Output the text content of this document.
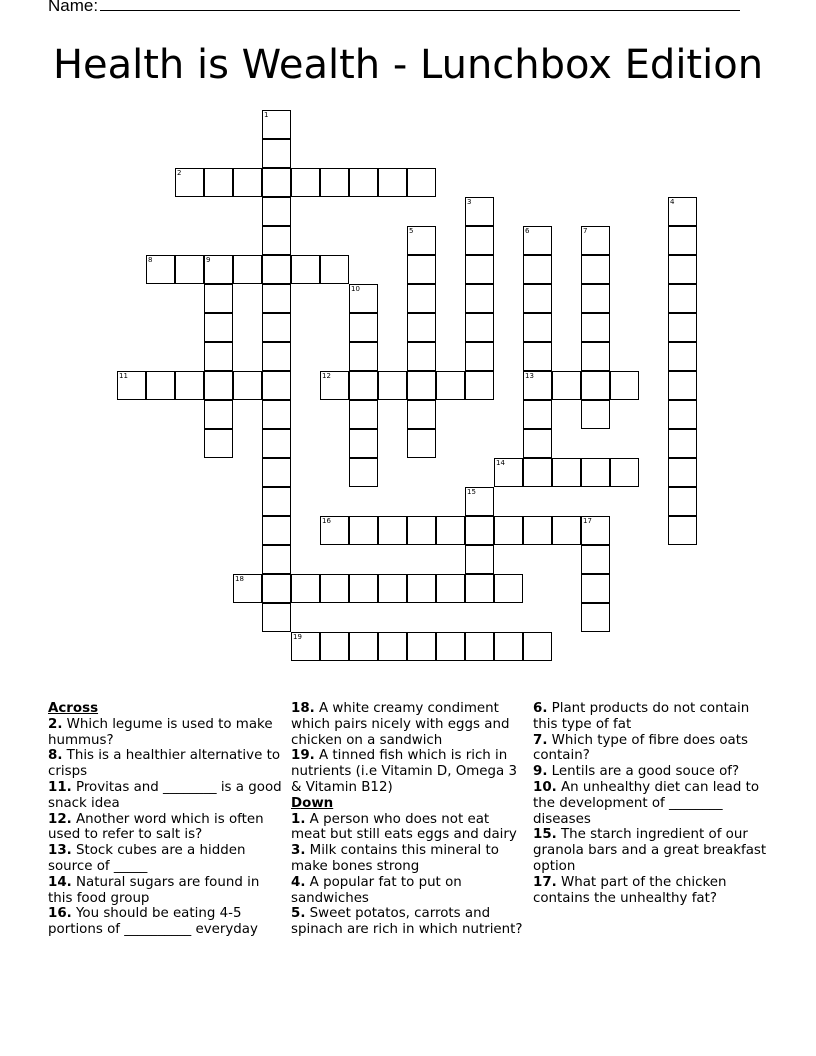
Name:
Health is Wealth - Lunchbox Edition
1
2
3	4
5	6
13
7
8	9
10
11	12
14
15
16	17
18
19
Across
2. Which legume is used to make hummus?
8. This is a healthier alternative to crisps
11. Provitas and ________ is a good snack idea
12. Another word which is often used to refer to salt is?
13. Stock cubes are a hidden source of _____
14. Natural sugars are found in this food group
16. You should be eating 4-5 portions of __________ everyday
18. A white creamy condiment which pairs nicely with eggs and chicken on a sandwich
19. A tinned fish which is rich in nutrients (i.e Vitamin D, Omega 3 & Vitamin B12)
Down
1. A person who does not eat meat but still eats eggs and dairy
3. Milk contains this mineral to make bones strong
4. A popular fat to put on sandwiches
5. Sweet potatos, carrots and spinach are rich in which nutrient?
6. Plant products do not contain this type of fat
7. Which type of fibre does oats contain?
9. Lentils are a good souce of?
10. An unhealthy diet can lead to the development of ________ diseases
15. The starch ingredient of our granola bars and a great breakfast option
17. What part of the chicken contains the unhealthy fat?
